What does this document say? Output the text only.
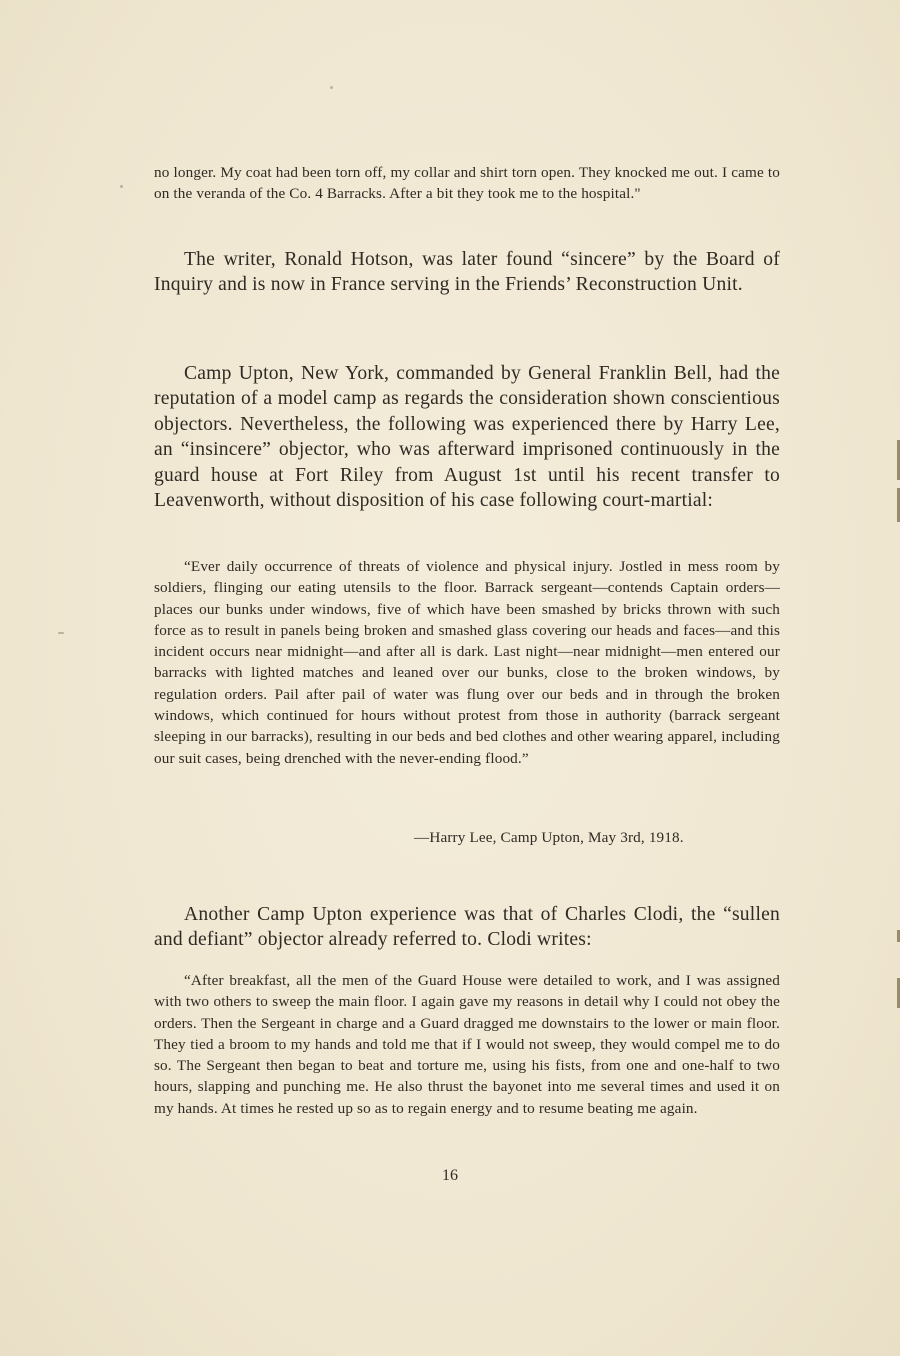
no longer. My coat had been torn off, my collar and shirt torn open. They knocked me out. I came to on the veranda of the Co. 4 Barracks. After a bit they took me to the hospital."

The writer, Ronald Hotson, was later found “sincere” by the Board of Inquiry and is now in France serving in the Friends’ Reconstruction Unit.

Camp Upton, New York, commanded by General Franklin Bell, had the reputation of a model camp as regards the consideration shown conscientious objectors. Nevertheless, the following was experienced there by Harry Lee, an “insincere” objector, who was afterward imprisoned continuously in the guard house at Fort Riley from August 1st until his recent transfer to Leavenworth, without disposition of his case following court-martial:

“Ever daily occurrence of threats of violence and physical injury. Jostled in mess room by soldiers, flinging our eating utensils to the floor. Barrack sergeant—contends Captain orders—places our bunks under windows, five of which have been smashed by bricks thrown with such force as to result in panels being broken and smashed glass covering our heads and faces—and this incident occurs near midnight—and after all is dark. Last night—near midnight—men entered our barracks with lighted matches and leaned over our bunks, close to the broken windows, by regulation orders. Pail after pail of water was flung over our beds and in through the broken windows, which continued for hours without protest from those in authority (barrack sergeant sleeping in our barracks), resulting in our beds and bed clothes and other wearing apparel, including our suit cases, being drenched with the never-ending flood.”

—Harry Lee, Camp Upton, May 3rd, 1918.

Another Camp Upton experience was that of Charles Clodi, the “sullen and defiant” objector already referred to. Clodi writes:

“After breakfast, all the men of the Guard House were detailed to work, and I was assigned with two others to sweep the main floor. I again gave my reasons in detail why I could not obey the orders. Then the Sergeant in charge and a Guard dragged me downstairs to the lower or main floor. They tied a broom to my hands and told me that if I would not sweep, they would compel me to do so. The Sergeant then began to beat and torture me, using his fists, from one and one-half to two hours, slapping and punching me. He also thrust the bayonet into me several times and used it on my hands. At times he rested up so as to regain energy and to resume beating me again.

16
